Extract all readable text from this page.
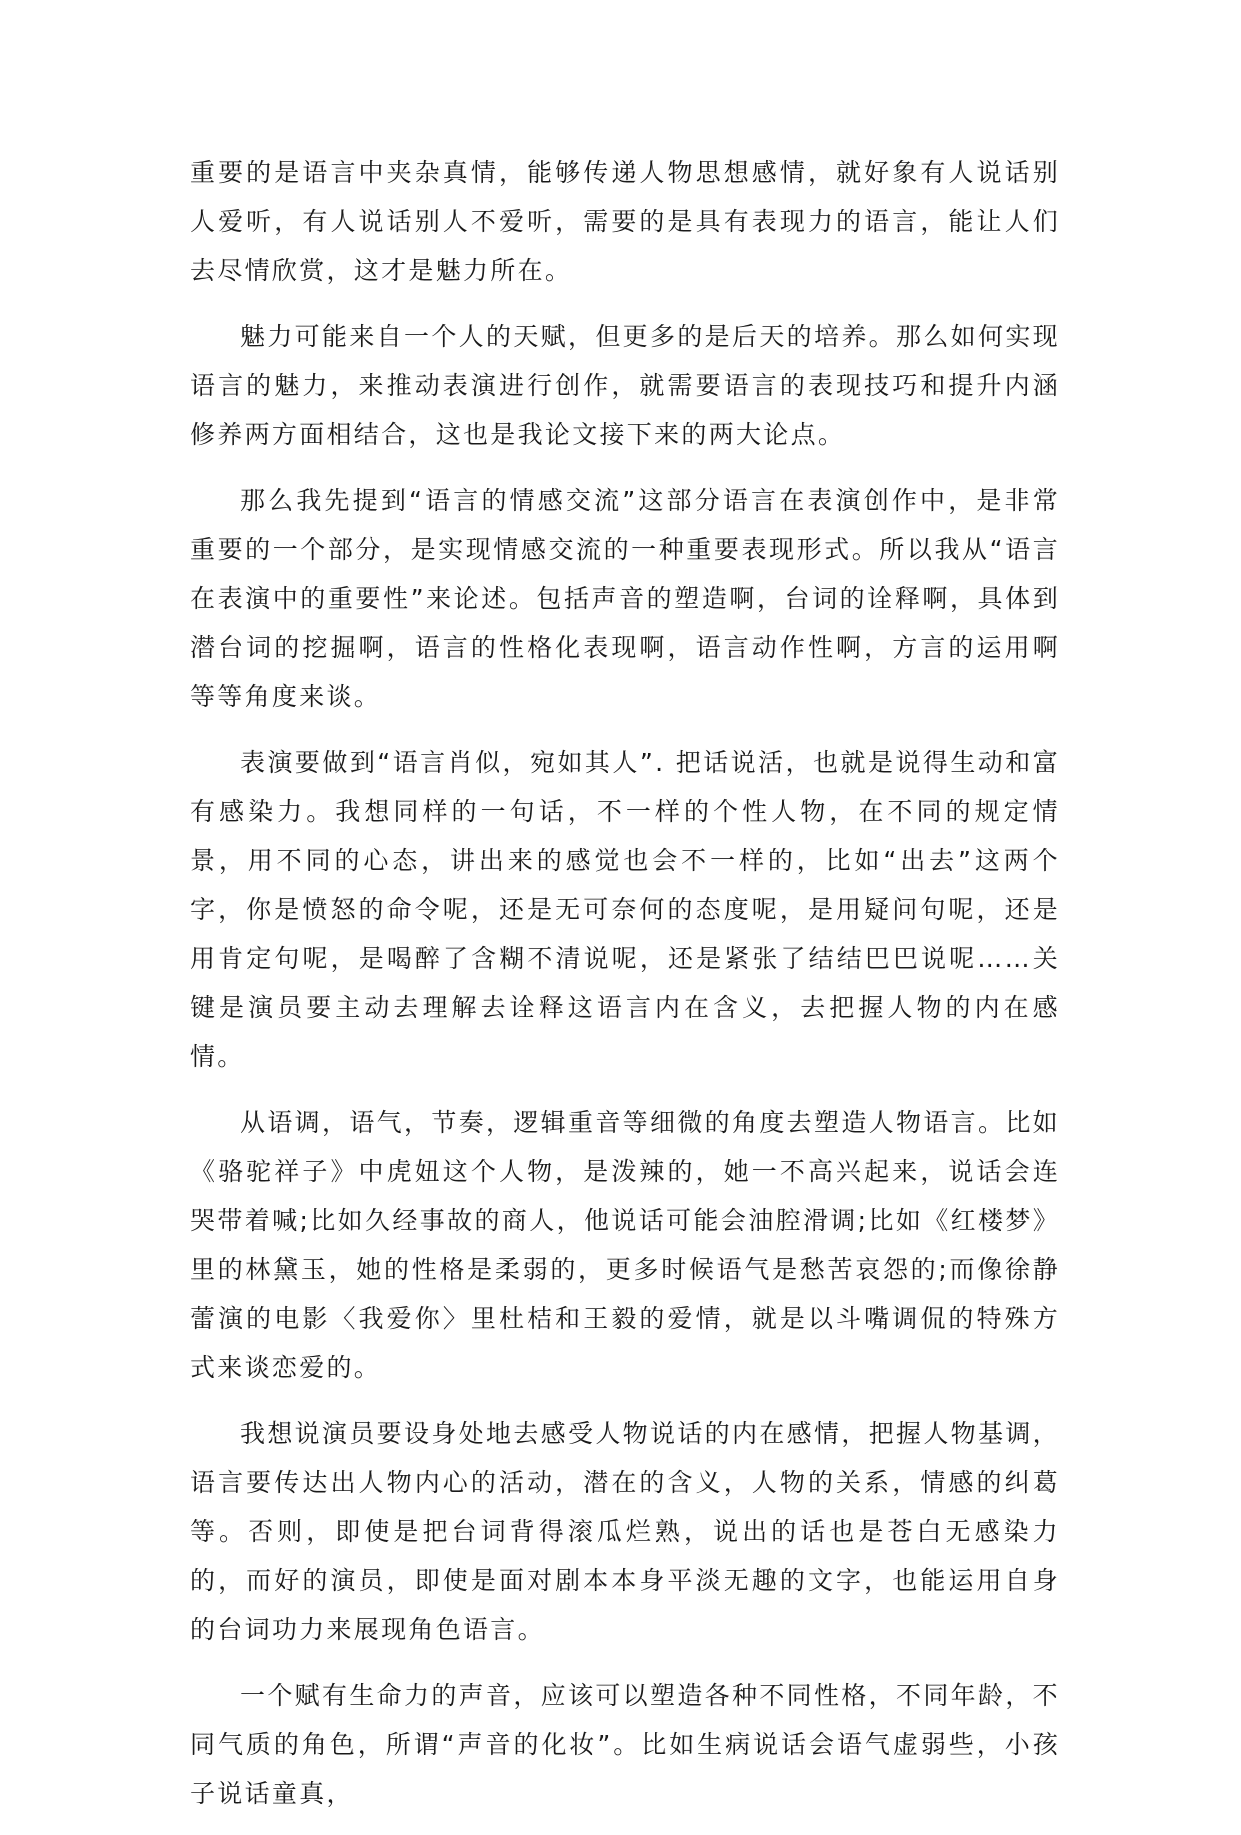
重要的是语言中夹杂真情，能够传递人物思想感情，就好象有人说话别人爱听，有人说话别人不爱听，需要的是具有表现力的语言，能让人们去尽情欣赏，这才是魅力所在。

魅力可能来自一个人的天赋，但更多的是后天的培养。那么如何实现语言的魅力，来推动表演进行创作，就需要语言的表现技巧和提升内涵修养两方面相结合，这也是我论文接下来的两大论点。

那么我先提到“语言的情感交流”这部分语言在表演创作中，是非常重要的一个部分，是实现情感交流的一种重要表现形式。所以我从“语言在表演中的重要性”来论述。包括声音的塑造啊，台词的诠释啊，具体到潜台词的挖掘啊，语言的性格化表现啊，语言动作性啊，方言的运用啊等等角度来谈。

表演要做到“语言肖似，宛如其人”. 把话说活，也就是说得生动和富有感染力。我想同样的一句话，不一样的个性人物，在不同的规定情景，用不同的心态，讲出来的感觉也会不一样的，比如“出去”这两个字，你是愤怒的命令呢，还是无可奈何的态度呢，是用疑问句呢，还是用肯定句呢，是喝醉了含糊不清说呢，还是紧张了结结巴巴说呢……关键是演员要主动去理解去诠释这语言内在含义，去把握人物的内在感情。

从语调，语气，节奏，逻辑重音等细微的角度去塑造人物语言。比如《骆驼祥子》中虎妞这个人物，是泼辣的，她一不高兴起来，说话会连哭带着喊;比如久经事故的商人，他说话可能会油腔滑调;比如《红楼梦》里的林黛玉，她的性格是柔弱的，更多时候语气是愁苦哀怨的;而像徐静蕾演的电影〈我爱你〉里杜桔和王毅的爱情，就是以斗嘴调侃的特殊方式来谈恋爱的。

我想说演员要设身处地去感受人物说话的内在感情，把握人物基调，语言要传达出人物内心的活动，潜在的含义，人物的关系，情感的纠葛等。否则，即使是把台词背得滚瓜烂熟，说出的话也是苍白无感染力的，而好的演员，即使是面对剧本本身平淡无趣的文字，也能运用自身的台词功力来展现角色语言。

一个赋有生命力的声音，应该可以塑造各种不同性格，不同年龄，不同气质的角色，所谓“声音的化妆”。比如生病说话会语气虚弱些，小孩子说话童真，
